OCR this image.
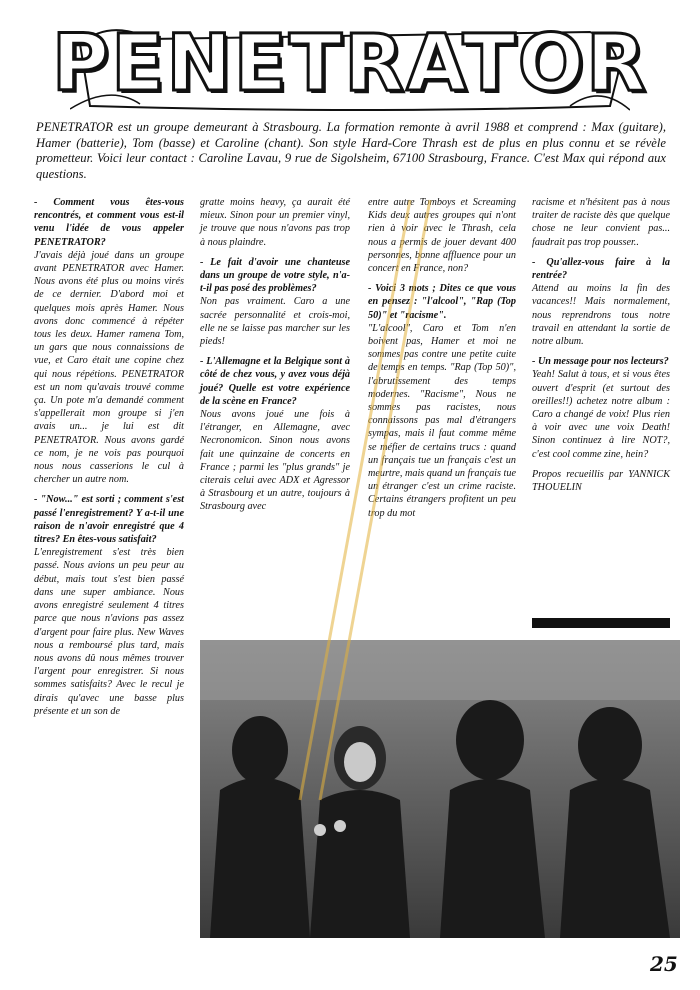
PENETRATOR
PENETRATOR est un groupe demeurant à Strasbourg. La formation remonte à avril 1988 et comprend : Max (guitare), Hamer (batterie), Tom (basse) et Caroline (chant). Son style Hard-Core Thrash est de plus en plus connu et se révèle prometteur. Voici leur contact : Caroline Lavau, 9 rue de Sigolsheim, 67100 Strasbourg, France. C'est Max qui répond aux questions.

- Comment vous êtes-vous rencontrés, et comment vous est-il venu l'idée de vous appeler PENETRATOR?
J'avais déjà joué dans un groupe avant PENETRATOR avec Hamer. Nous avons été plus ou moins virés de ce dernier. D'abord moi et quelques mois après Hamer. Nous avons donc commencé à répéter tous les deux. Hamer ramena Tom, un gars que nous connaissions de vue, et Caro était une copine chez qui nous répétions. PENETRATOR est un nom qu'avais trouvé comme ça. Un pote m'a demandé comment s'appellerait mon groupe si j'en avais un... je lui est dit PENETRATOR. Nous avons gardé ce nom, je ne vois pas pourquoi nous nous casserions le cul à chercher un autre nom.

- "Now..." est sorti ; comment s'est passé l'enregistrement? Y a-t-il une raison de n'avoir enregistré que 4 titres? En êtes-vous satisfait?
L'enregistrement s'est très bien passé. Nous avions un peu peur au début, mais tout s'est bien passé dans une super ambiance. Nous avons enregistré seulement 4 titres parce que nous n'avions pas assez d'argent pour faire plus. New Waves nous a remboursé plus tard, mais nous avons dû nous mêmes trouver l'argent pour enregistrer. Si nous sommes satisfaits? Avec le recul je dirais qu'avec une basse plus présente et un son de

gratte moins heavy, ça aurait été mieux. Sinon pour un premier vinyl, je trouve que nous n'avons pas trop à nous plaindre.

- Le fait d'avoir une chanteuse dans un groupe de votre style, n'a-t-il pas posé des problèmes?
Non pas vraiment. Caro a une sacrée personnalité et crois-moi, elle ne se laisse pas marcher sur les pieds!

- L'Allemagne et la Belgique sont à côté de chez vous, y avez vous déjà joué? Quelle est votre expérience de la scène en France?
Nous avons joué une fois à l'étranger, en Allemagne, avec Necronomicon. Sinon nous avons fait une quinzaine de concerts en France ; parmi les "plus grands" je citerais celui avec ADX et Agressor à Strasbourg et un autre, toujours à Strasbourg avec

entre autre Tomboys et Screaming Kids deux autres groupes qui n'ont rien à voir avec le Thrash, cela nous a permis de jouer devant 400 personnes, bonne affluence pour un concert en France, non?

- Voici 3 mots ; Dites ce que vous en pensez : "l'alcool", "Rap (Top 50)" et "racisme".
"L'alcool", Caro et Tom n'en boivent pas, Hamer et moi ne sommes pas contre une petite cuite de temps en temps. "Rap (Top 50)", l'abrutissement des temps modernes. "Racisme", Nous ne sommes pas racistes, nous connaissons pas mal d'étrangers sympas, mais il faut comme même se méfier de certains trucs : quand un français tue un français c'est un meurtre, mais quand un français tue un étranger c'est un crime raciste. Certains étrangers profitent un peu trop du mot

racisme et n'hésitent pas à nous traiter de raciste dès que quelque chose ne leur convient pas... faudrait pas trop pousser..

- Qu'allez-vous faire à la rentrée?
Attend au moins la fin des vacances!! Mais normalement, nous reprendrons tous notre travail en attendant la sortie de notre album.

- Un message pour nos lecteurs?
Yeah! Salut à tous, et si vous êtes ouvert d'esprit (et surtout des oreilles!!) achetez notre album : Caro a changé de voix! Plus rien à voir avec une voix Death! Sinon continuez à lire NOT?, c'est cool comme zine, hein?

Propos recueillis par YANNICK THOUELIN

25
